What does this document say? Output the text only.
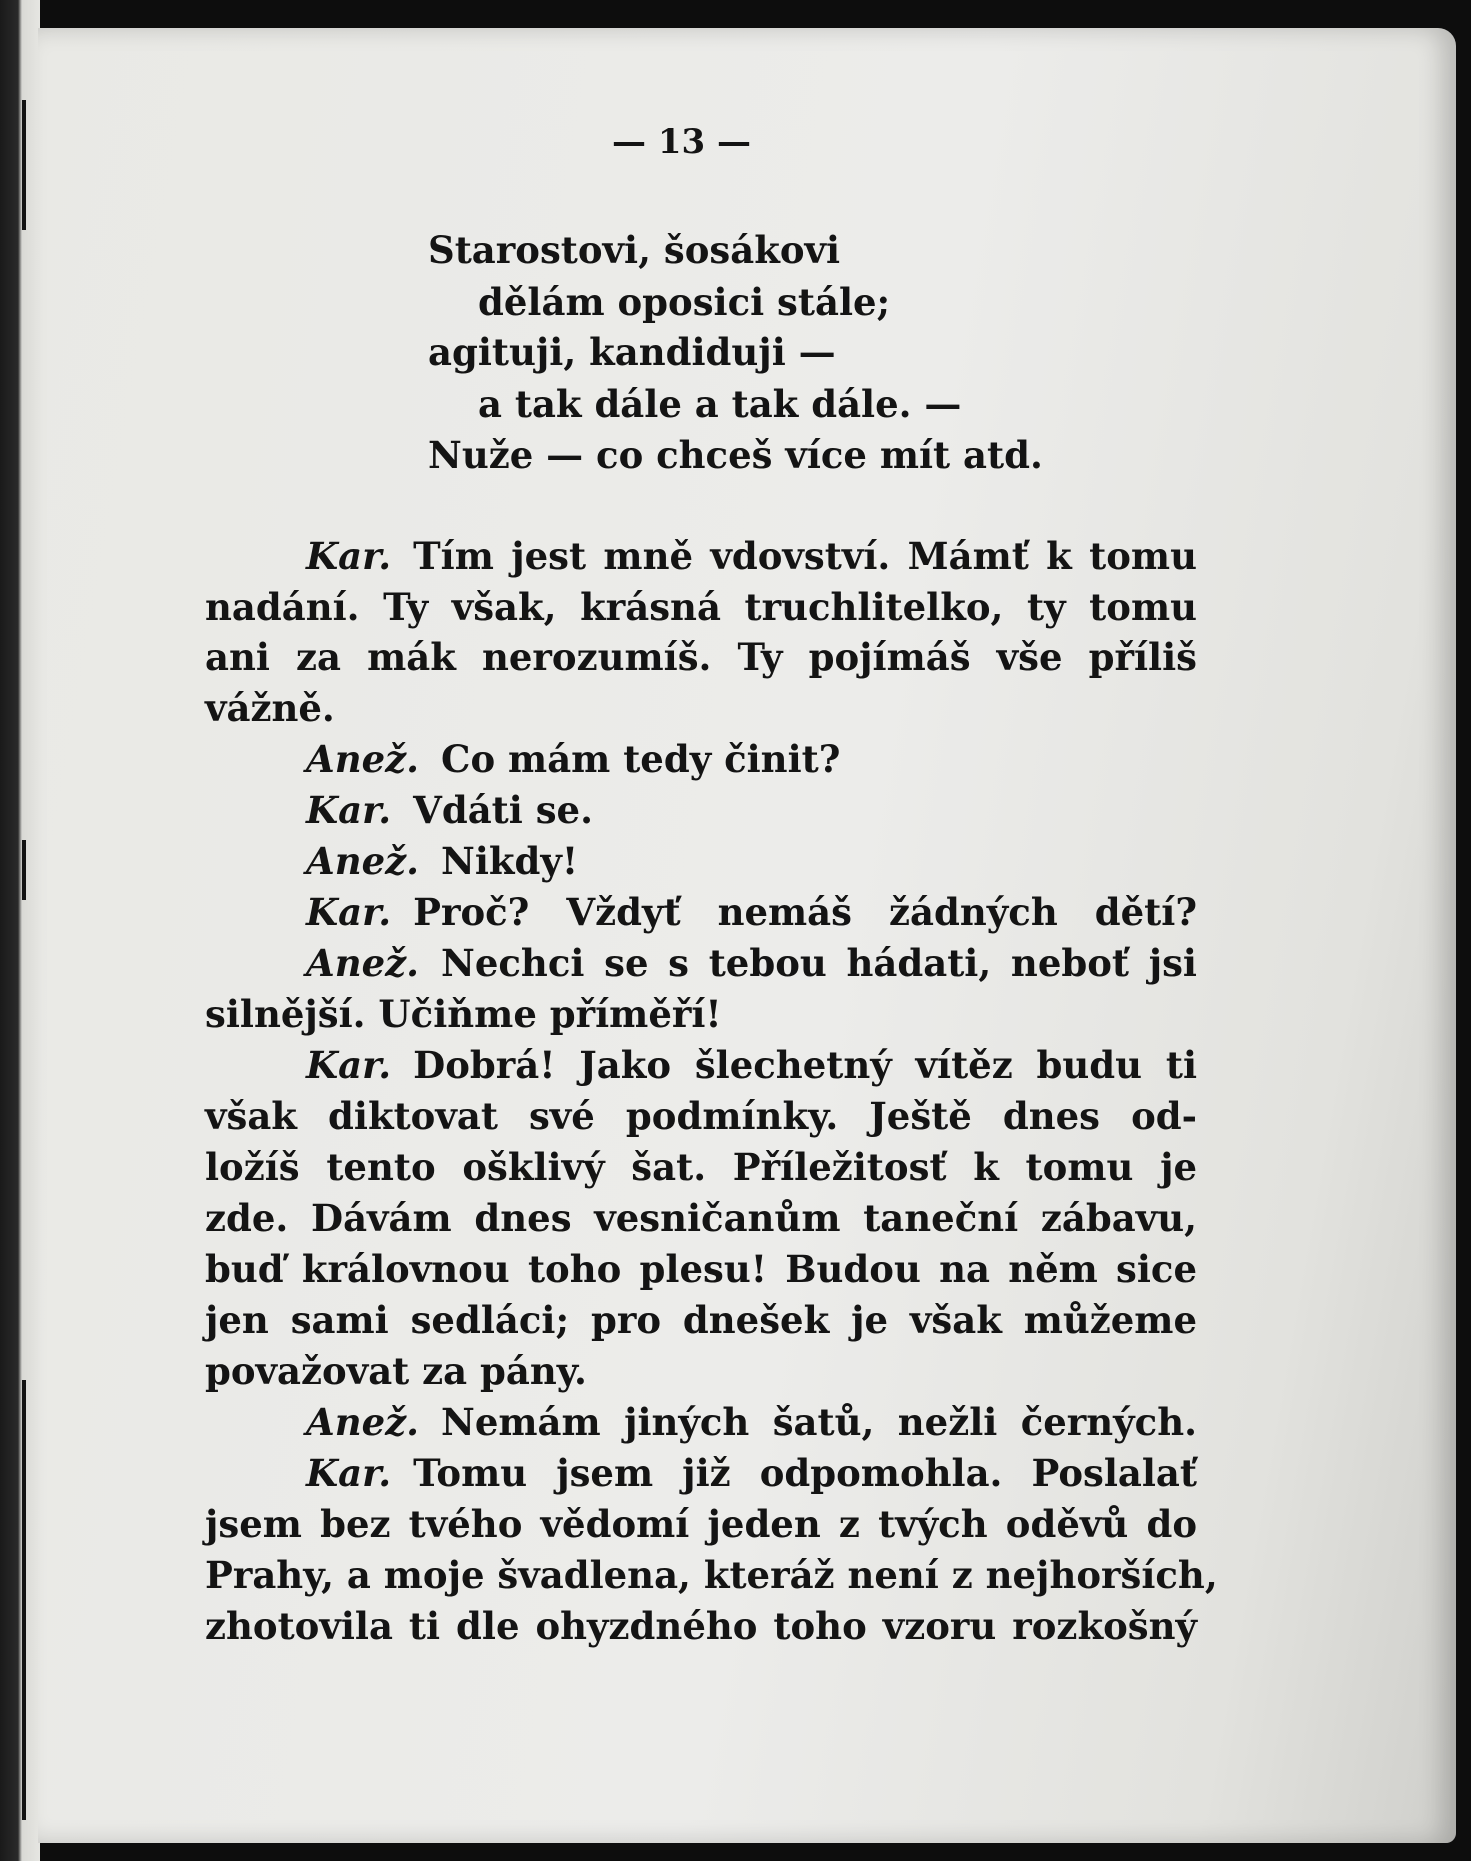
— 13 —
Starostovi, šosákovi
dělám oposici stále;
agituji, kandiduji —
a tak dále a tak dále. —
Nuže — co chceš více mít atd.
Kar. Tím jest mně vdovství. Mámť k tomu
nadání. Ty však, krásná truchlitelko, ty tomu
ani za mák nerozumíš. Ty pojímáš vše příliš
vážně.
Anež. Co mám tedy činit?
Kar. Vdáti se.
Anež. Nikdy!
Kar. Proč? Vždyť nemáš žádných dětí?
Anež. Nechci se s tebou hádati, neboť jsi
silnější. Učiňme příměří!
Kar. Dobrá! Jako šlechetný vítěz budu ti
však diktovat své podmínky. Ještě dnes od-
ložíš tento ošklivý šat. Příležitosť k tomu je
zde. Dávám dnes vesničanům taneční zábavu,
buď královnou toho plesu! Budou na něm sice
jen sami sedláci; pro dnešek je však můžeme
považovat za pány.
Anež. Nemám jiných šatů, nežli černých.
Kar. Tomu jsem již odpomohla. Poslalať
jsem bez tvého vědomí jeden z tvých oděvů do
Prahy, a moje švadlena, kteráž není z nejhorších,
zhotovila ti dle ohyzdného toho vzoru rozkošný
